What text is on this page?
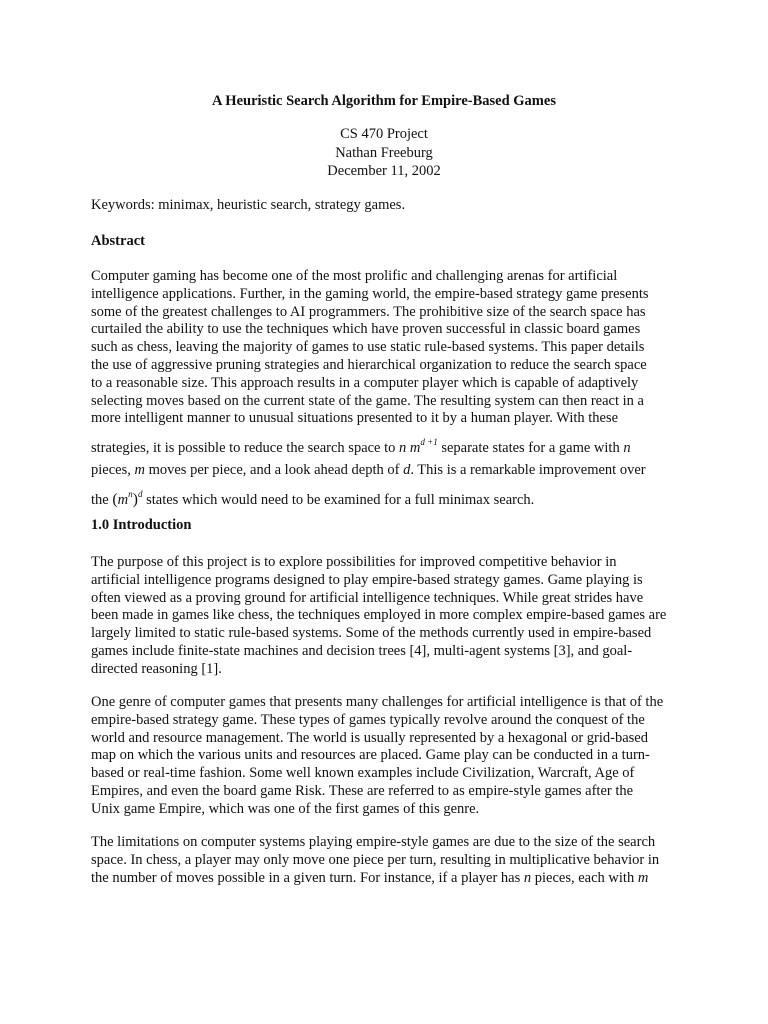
A Heuristic Search Algorithm for Empire-Based Games
CS 470 Project
Nathan Freeburg
December 11, 2002
Keywords: minimax, heuristic search, strategy games.
Abstract
Computer gaming has become one of the most prolific and challenging arenas for artificial
intelligence applications. Further, in the gaming world, the empire-based strategy game presents
some of the greatest challenges to AI programmers. The prohibitive size of the search space has
curtailed the ability to use the techniques which have proven successful in classic board games
such as chess, leaving the majority of games to use static rule-based systems. This paper details
the use of aggressive pruning strategies and hierarchical organization to reduce the search space
to a reasonable size. This approach results in a computer player which is capable of adaptively
selecting moves based on the current state of the game. The resulting system can then react in a
more intelligent manner to unusual situations presented to it by a human player. With these
strategies, it is possible to reduce the search space to n $m^{d +1}$ separate states for a game with n
pieces, m moves per piece, and a look ahead depth of d. This is a remarkable improvement over
the $(m^n)^d$ states which would need to be examined for a full minimax search.
1.0 Introduction
The purpose of this project is to explore possibilities for improved competitive behavior in
artificial intelligence programs designed to play empire-based strategy games. Game playing is
often viewed as a proving ground for artificial intelligence techniques. While great strides have
been made in games like chess, the techniques employed in more complex empire-based games are
largely limited to static rule-based systems. Some of the methods currently used in empire-based
games include finite-state machines and decision trees [4], multi-agent systems [3], and goal-
directed reasoning [1].
One genre of computer games that presents many challenges for artificial intelligence is that of the
empire-based strategy game. These types of games typically revolve around the conquest of the
world and resource management. The world is usually represented by a hexagonal or grid-based
map on which the various units and resources are placed. Game play can be conducted in a turn-
based or real-time fashion. Some well known examples include Civilization, Warcraft, Age of
Empires, and even the board game Risk. These are referred to as empire-style games after the
Unix game Empire, which was one of the first games of this genre.
The limitations on computer systems playing empire-style games are due to the size of the search
space. In chess, a player may only move one piece per turn, resulting in multiplicative behavior in
the number of moves possible in a given turn. For instance, if a player has n pieces, each with m
